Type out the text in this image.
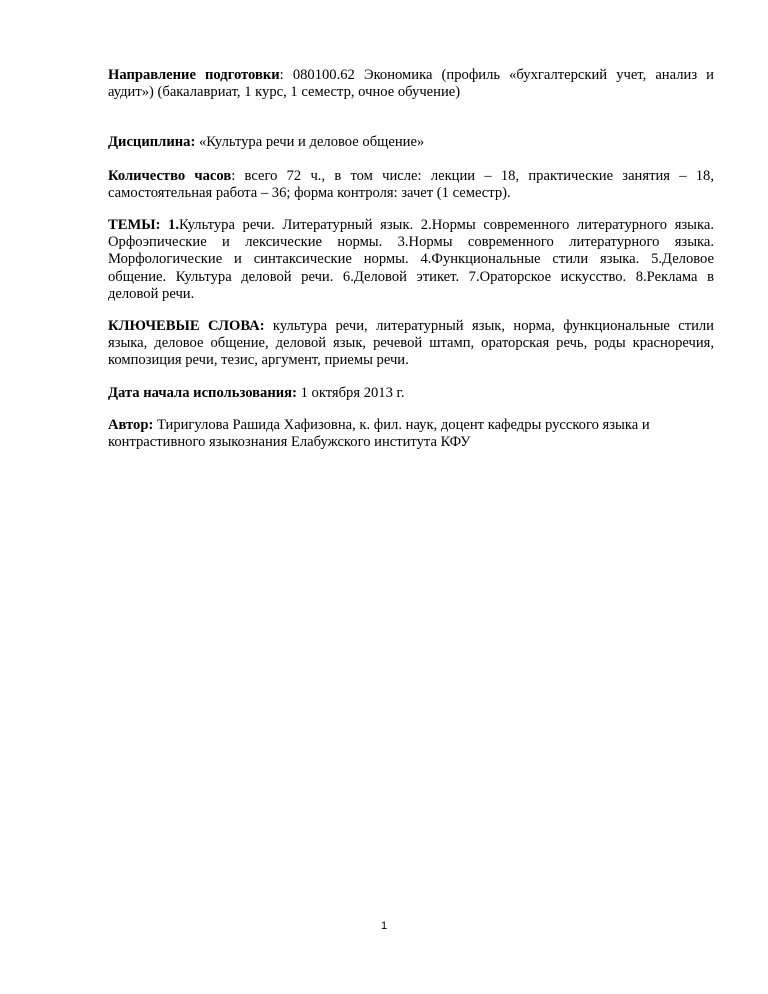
Направление подготовки: 080100.62 Экономика (профиль «бухгалтерский учет, анализ и аудит») (бакалавриат, 1 курс, 1 семестр, очное обучение)

Дисциплина: «Культура речи и деловое общение»

Количество часов: всего 72 ч., в том числе: лекции – 18, практические занятия – 18, самостоятельная работа – 36; форма контроля: зачет (1 семестр).

ТЕМЫ: 1.Культура речи. Литературный язык. 2.Нормы современного литературного языка. Орфоэпические и лексические нормы. 3.Нормы современного литературного языка. Морфологические и синтаксические нормы. 4.Функциональные стили языка. 5.Деловое общение. Культура деловой речи. 6.Деловой этикет. 7.Ораторское искусство. 8.Реклама в деловой речи.

КЛЮЧЕВЫЕ СЛОВА: культура речи, литературный язык, норма, функциональные стили языка, деловое общение, деловой язык, речевой штамп, ораторская речь, роды красноречия, композиция речи, тезис, аргумент, приемы речи.

Дата начала использования: 1 октября 2013 г.

Автор: Тиригулова Рашида Хафизовна, к. фил. наук, доцент кафедры русского языка и контрастивного языкознания Елабужского института КФУ

1
